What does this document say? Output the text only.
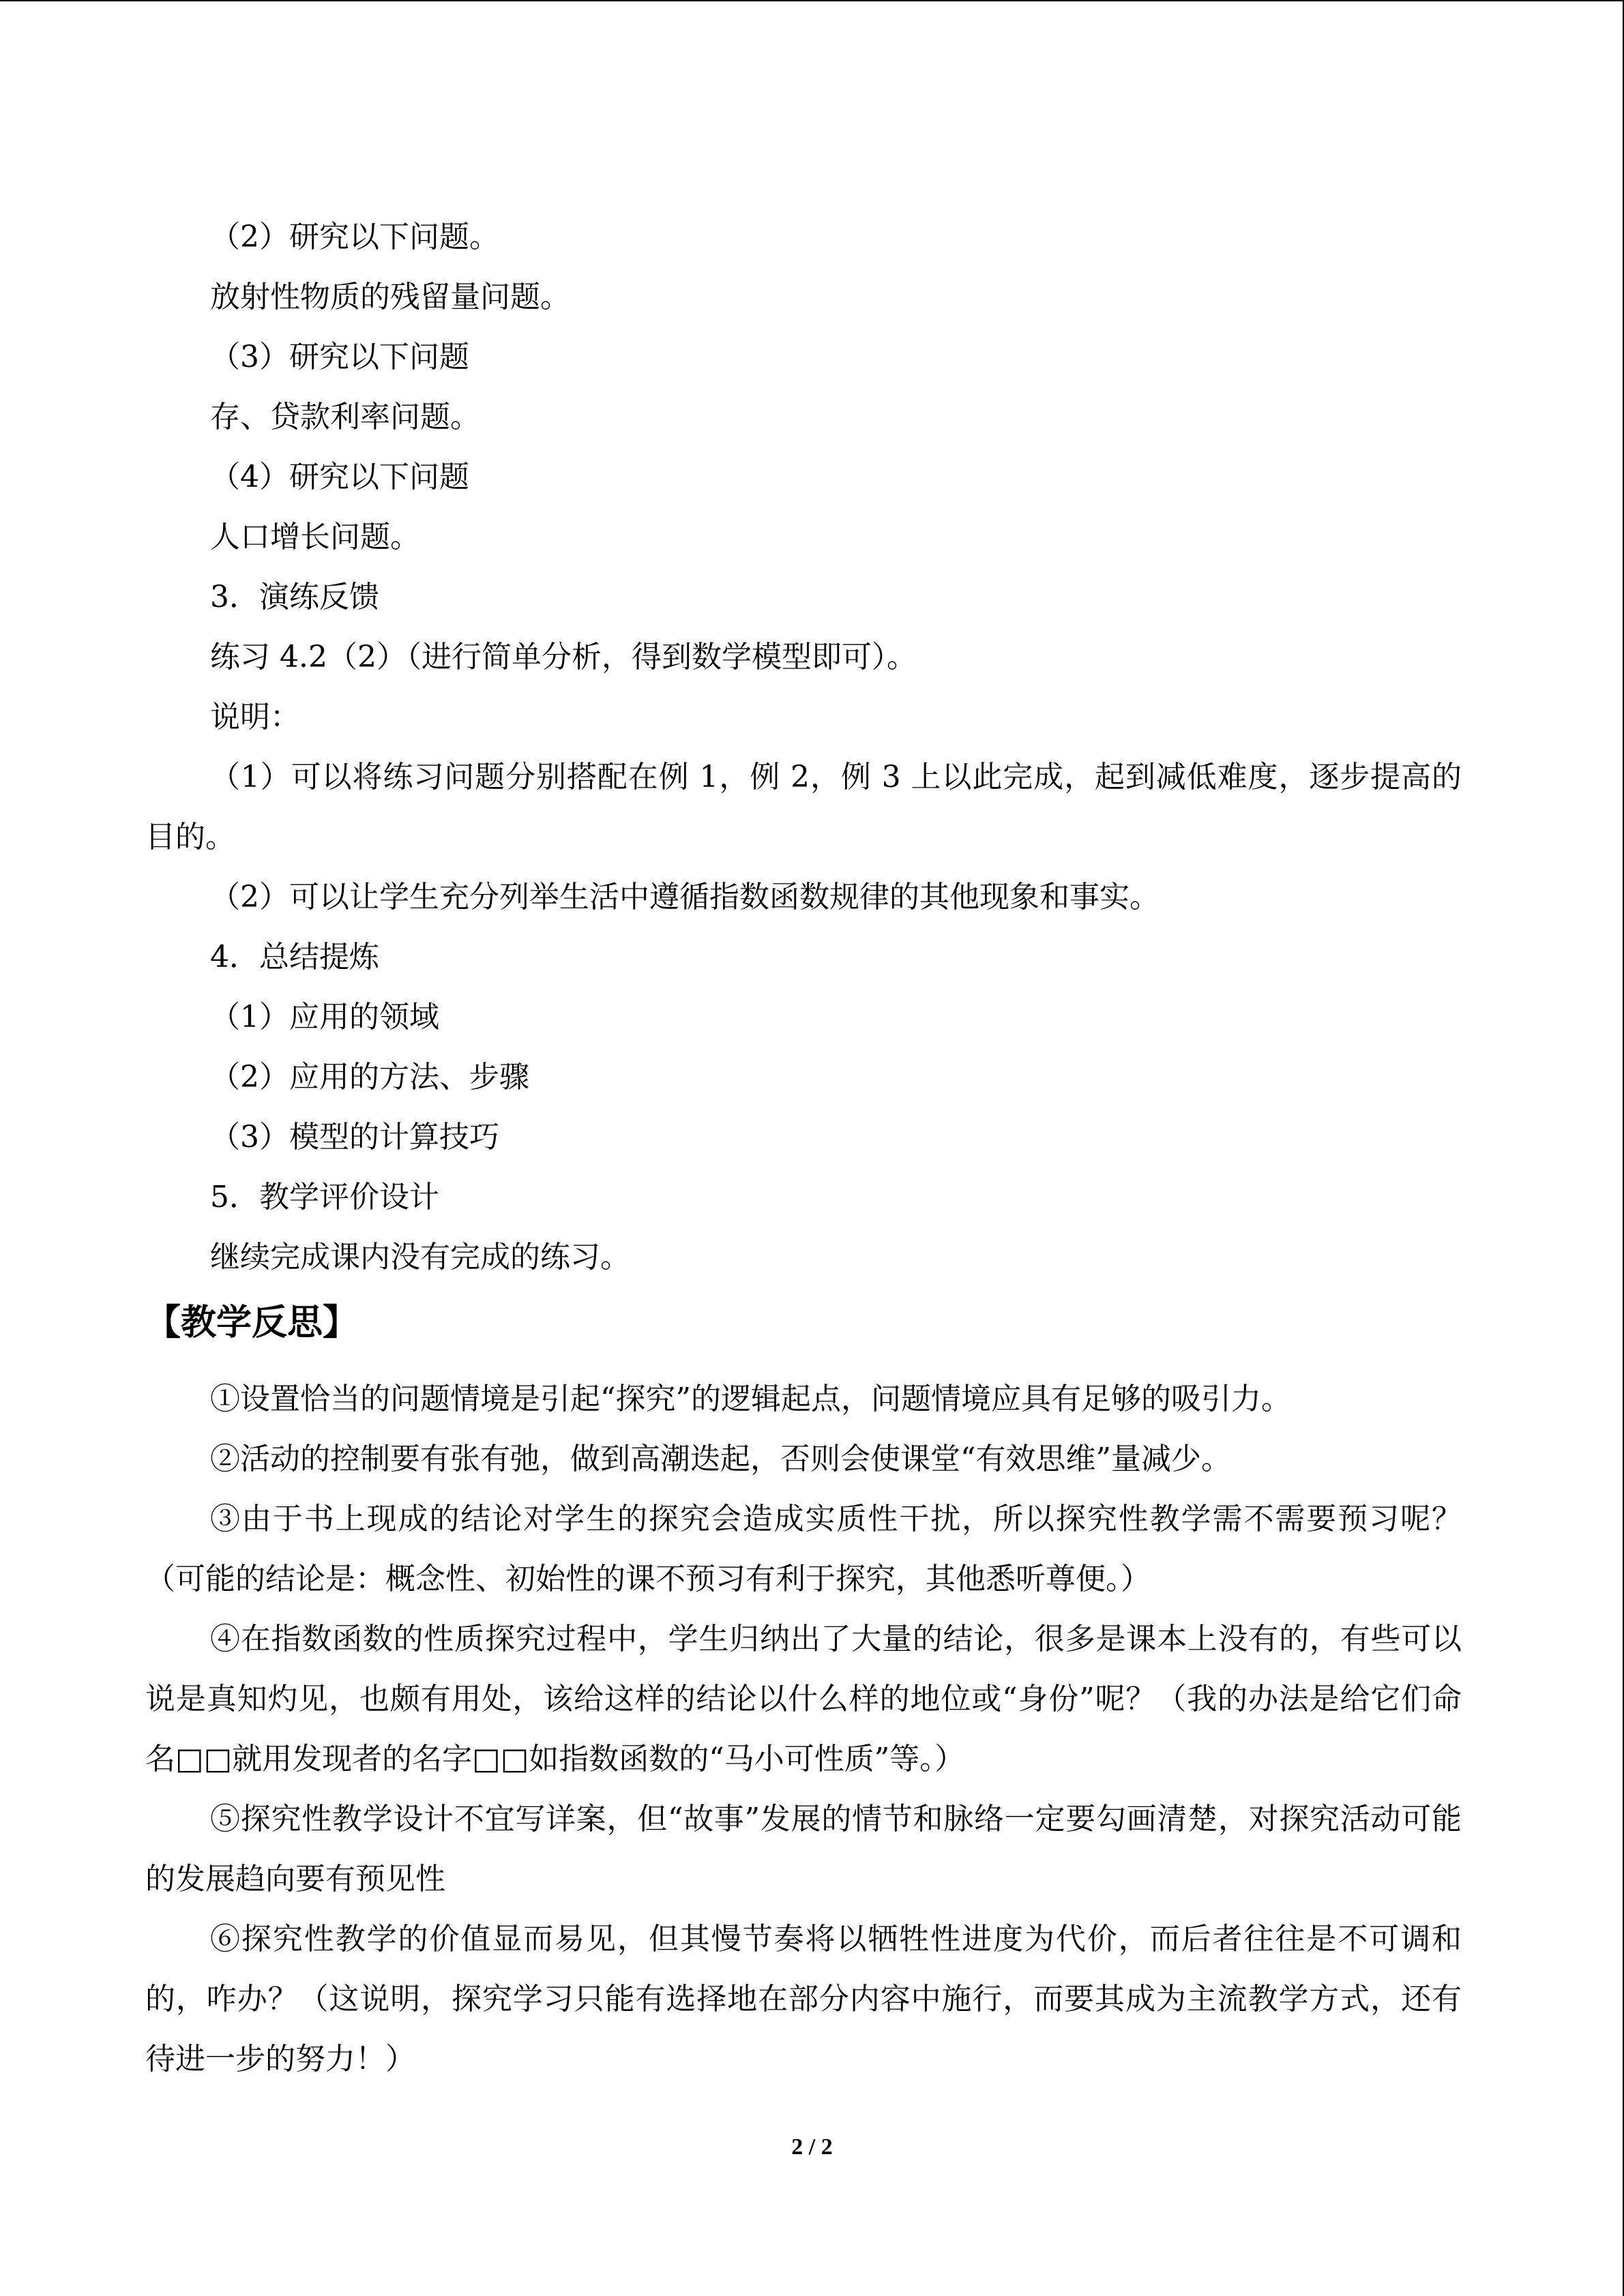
（2）研究以下问题。
放射性物质的残留量问题。
（3）研究以下问题
存、贷款利率问题。
（4）研究以下问题
人口增长问题。
3．演练反馈
练习 4.2（2）（进行简单分析，得到数学模型即可）。
说明：
（1）可以将练习问题分别搭配在例 1，例 2，例 3 上以此完成，起到减低难度，逐步提高的目的。
（2）可以让学生充分列举生活中遵循指数函数规律的其他现象和事实。
4．总结提炼
（1）应用的领域
（2）应用的方法、步骤
（3）模型的计算技巧
5．教学评价设计
继续完成课内没有完成的练习。
【教学反思】
①设置恰当的问题情境是引起“探究”的逻辑起点，问题情境应具有足够的吸引力。
②活动的控制要有张有弛，做到高潮迭起，否则会使课堂“有效思维”量减少。
③由于书上现成的结论对学生的探究会造成实质性干扰，所以探究性教学需不需要预习呢？（可能的结论是：概念性、初始性的课不预习有利于探究，其他悉听尊便。）
④在指数函数的性质探究过程中，学生归纳出了大量的结论，很多是课本上没有的，有些可以说是真知灼见，也颇有用处，该给这样的结论以什么样的地位或“身份”呢？（我的办法是给它们命名□□就用发现者的名字□□如指数函数的“马小可性质”等。）
⑤探究性教学设计不宜写详案，但“故事”发展的情节和脉络一定要勾画清楚，对探究活动可能的发展趋向要有预见性
⑥探究性教学的价值显而易见，但其慢节奏将以牺牲性进度为代价，而后者往往是不可调和的，咋办？（这说明，探究学习只能有选择地在部分内容中施行，而要其成为主流教学方式，还有待进一步的努力！）
2 / 2
